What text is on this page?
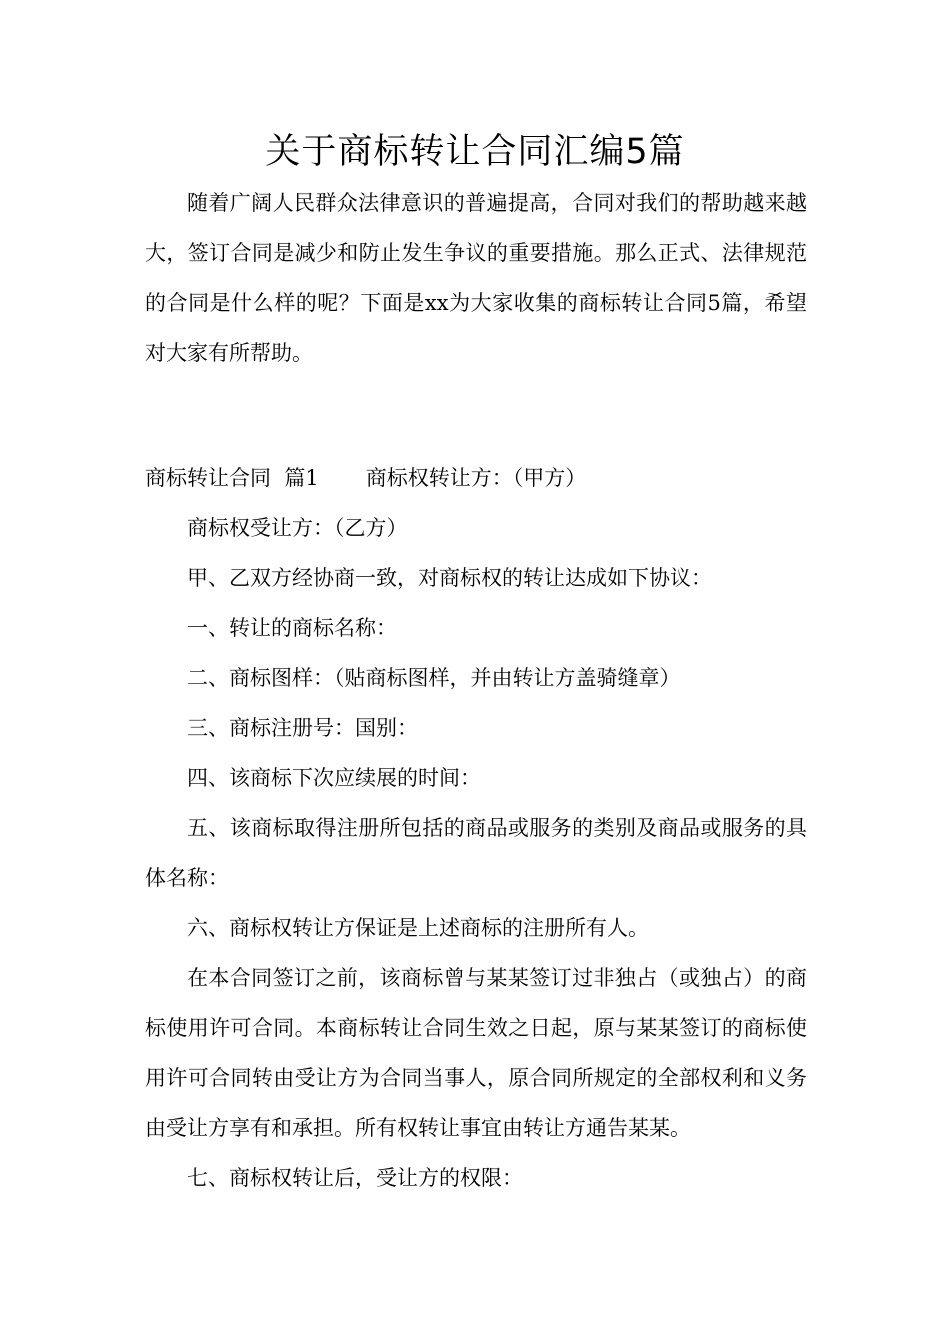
关于商标转让合同汇编5篇

随着广阔人民群众法律意识的普遍提高，合同对我们的帮助越来越大，签订合同是减少和防止发生争议的重要措施。那么正式、法律规范的合同是什么样的呢？下面是xx为大家收集的商标转让合同5篇，希望对大家有所帮助。

商标转让合同  篇1 商标权转让方：（甲方）

商标权受让方：（乙方）

甲、乙双方经协商一致，对商标权的转让达成如下协议：

一、转让的商标名称：

二、商标图样：（贴商标图样，并由转让方盖骑缝章）

三、商标注册号：国别：

四、该商标下次应续展的时间：

五、该商标取得注册所包括的商品或服务的类别及商品或服务的具体名称：

六、商标权转让方保证是上述商标的注册所有人。

在本合同签订之前，该商标曾与某某签订过非独占（或独占）的商标使用许可合同。本商标转让合同生效之日起，原与某某签订的商标使用许可合同转由受让方为合同当事人，原合同所规定的全部权利和义务由受让方享有和承担。所有权转让事宜由转让方通告某某。

七、商标权转让后，受让方的权限：
